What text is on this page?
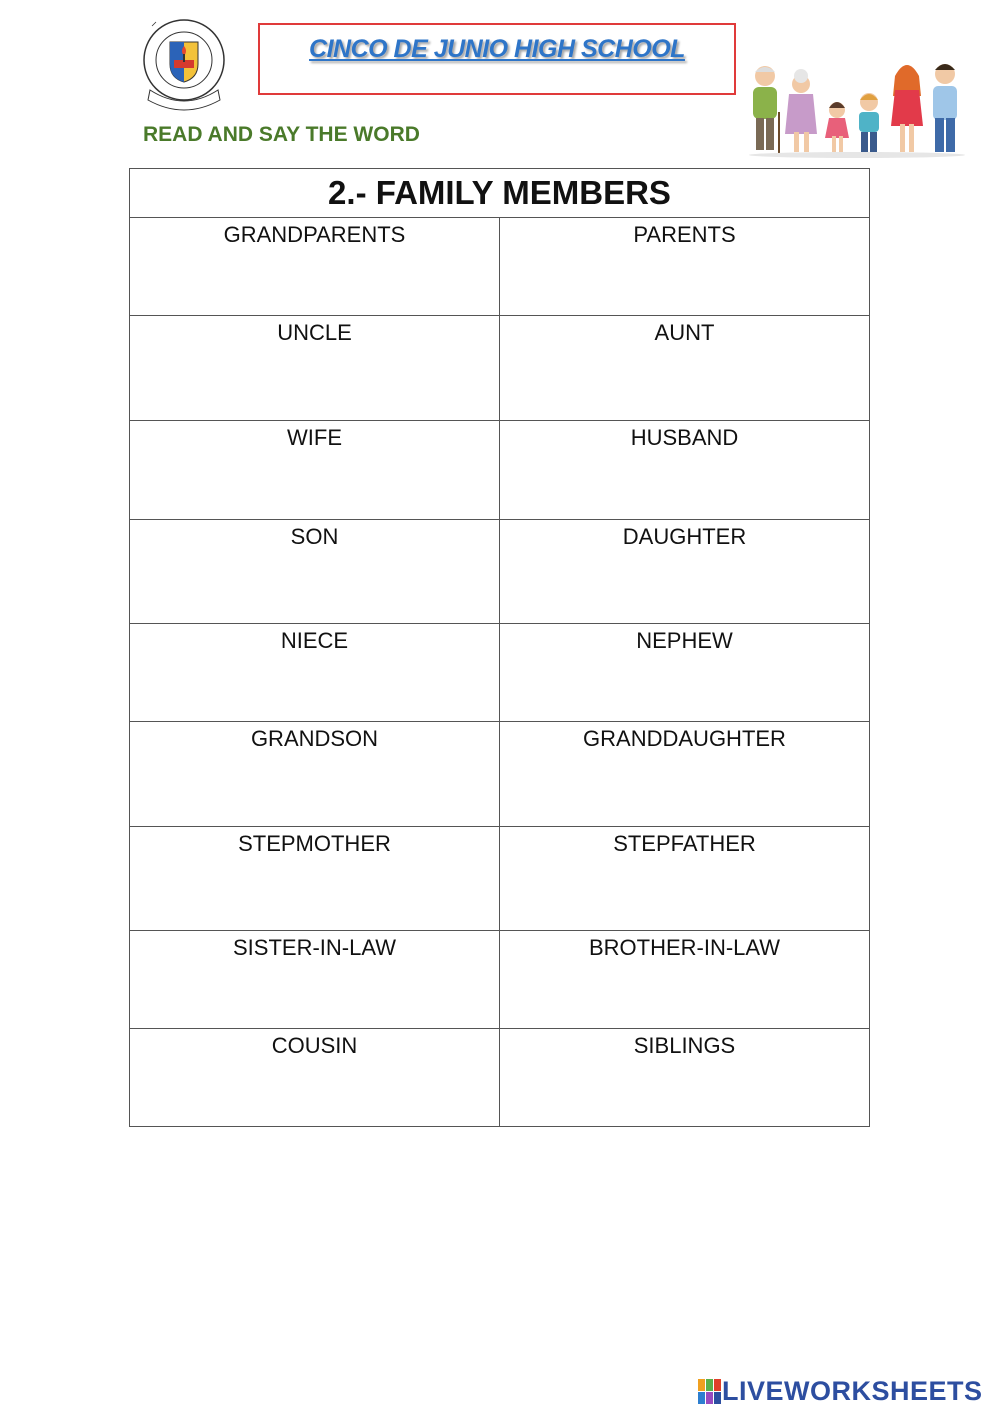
CINCO DE JUNIO HIGH SCHOOL
READ AND SAY THE WORD
2.- FAMILY MEMBERS	
GRANDPARENTS	PARENTS
UNCLE	AUNT
WIFE	HUSBAND
SON	DAUGHTER
NIECE	NEPHEW
GRANDSON	GRANDDAUGHTER
STEPMOTHER	STEPFATHER
SISTER-IN-LAW	BROTHER-IN-LAW
COUSIN	SIBLINGS
LIVEWORKSHEETS
